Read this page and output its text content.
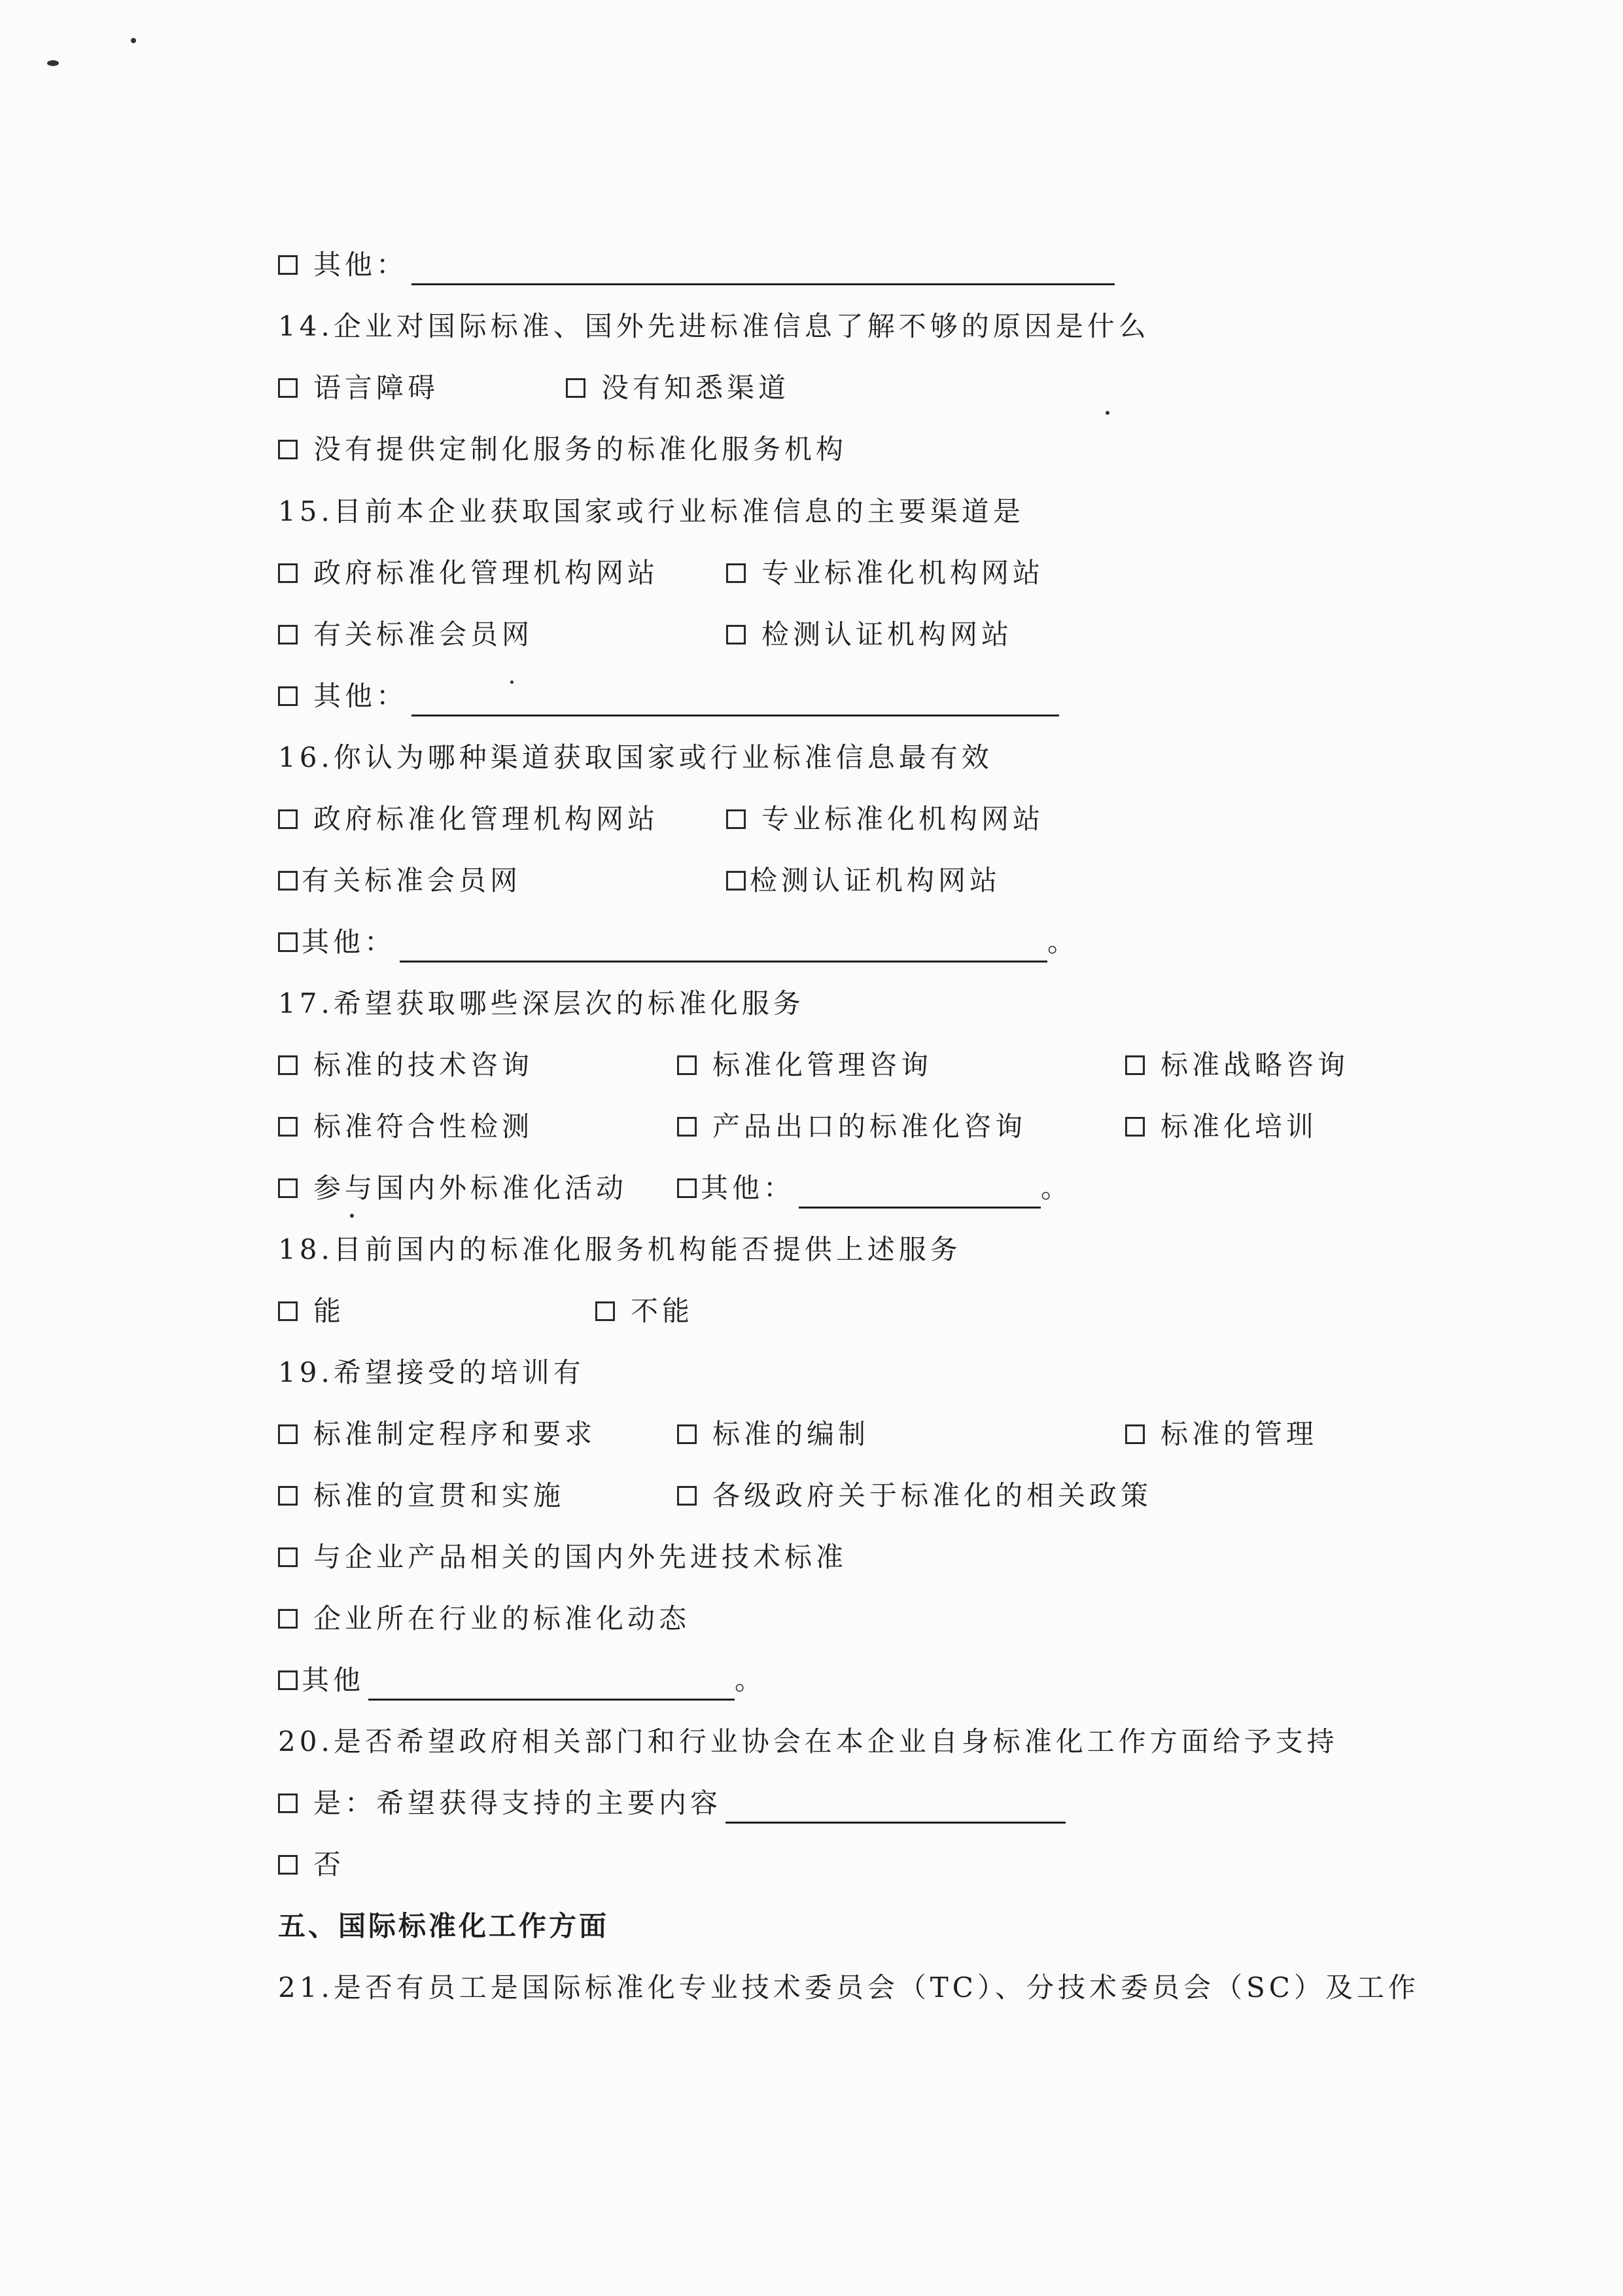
其他：
14.企业对国际标准、国外先进标准信息了解不够的原因是什么
语言障碍	没有知悉渠道
没有提供定制化服务的标准化服务机构
15.目前本企业获取国家或行业标准信息的主要渠道是
政府标准化管理机构网站	专业标准化机构网站
有关标准会员网	检测认证机构网站
其他：
16.你认为哪种渠道获取国家或行业标准信息最有效
政府标准化管理机构网站	专业标准化机构网站
有关标准会员网	检测认证机构网站
其他：	。
17.希望获取哪些深层次的标准化服务
标准的技术咨询	标准化管理咨询	标准战略咨询
标准符合性检测	产品出口的标准化咨询	标准化培训
参与国内外标准化活动	其他：	。
18.目前国内的标准化服务机构能否提供上述服务
能	不能
19.希望接受的培训有
标准制定程序和要求	标准的编制	标准的管理
标准的宣贯和实施	各级政府关于标准化的相关政策
与企业产品相关的国内外先进技术标准
企业所在行业的标准化动态
其他	。
20.是否希望政府相关部门和行业协会在本企业自身标准化工作方面给予支持
是：希望获得支持的主要内容
否
五、国际标准化工作方面
21.是否有员工是国际标准化专业技术委员会（TC）、分技术委员会（SC）及工作
